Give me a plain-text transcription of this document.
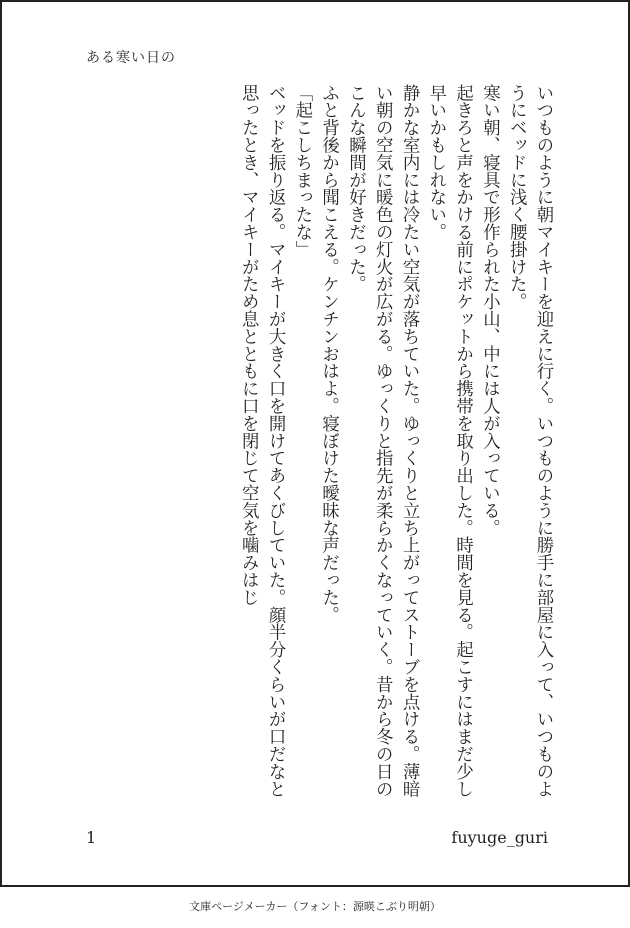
ある寒い日の

いつものように朝マイキーを迎えに行く。いつものように勝手に部屋に入って、いつものようにベッドに浅く腰掛けた。

寒い朝、寝具で形作られた小山、中には人が入っている。

起きろと声をかける前にポケットから携帯を取り出した。時間を見る。起こすにはまだ少し早いかもしれない。

静かな室内には冷たい空気が落ちていた。ゆっくりと立ち上がってストーブを点ける。薄暗い朝の空気に暖色の灯火が広がる。ゆっくりと指先が柔らかくなっていく。昔から冬の日のこんな瞬間が好きだった。

ふと背後から聞こえる。ケンチンおはよ。寝ぼけた曖昧な声だった。

「起こしちまったな」

ベッドを振り返る。マイキーが大きく口を開けてあくびしていた。顔半分くらいが口だなと思ったとき、マイキーがため息とともに口を閉じて空気を噛みはじ

1	fuyuge_guri
文庫ページメーカー（フォント：源暎こぶり明朝）
